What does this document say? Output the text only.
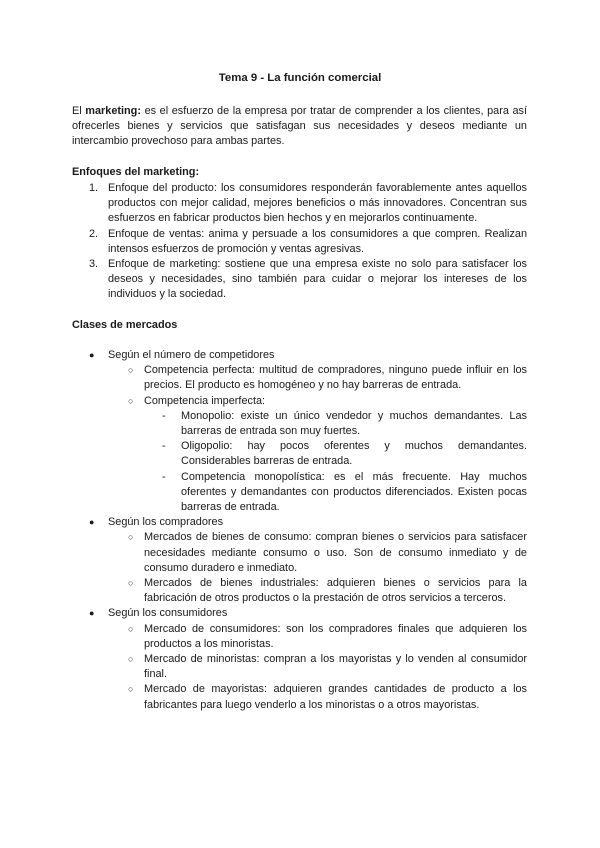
Tema 9 - La función comercial
El marketing: es el esfuerzo de la empresa por tratar de comprender a los clientes, para así ofrecerles bienes y servicios que satisfagan sus necesidades y deseos mediante un intercambio provechoso para ambas partes.
Enfoques del marketing:
1. Enfoque del producto: los consumidores responderán favorablemente antes aquellos productos con mejor calidad, mejores beneficios o más innovadores. Concentran sus esfuerzos en fabricar productos bien hechos y en mejorarlos continuamente.
2. Enfoque de ventas: anima y persuade a los consumidores a que compren. Realizan intensos esfuerzos de promoción y ventas agresivas.
3. Enfoque de marketing: sostiene que una empresa existe no solo para satisfacer los deseos y necesidades, sino también para cuidar o mejorar los intereses de los individuos y la sociedad.
Clases de mercados
● Según el número de competidores
○ Competencia perfecta: multitud de compradores, ninguno puede influir en los precios. El producto es homogéneo y no hay barreras de entrada.
○ Competencia imperfecta:
- Monopolio: existe un único vendedor y muchos demandantes. Las barreras de entrada son muy fuertes.
- Oligopolio: hay pocos oferentes y muchos demandantes. Considerables barreras de entrada.
- Competencia monopolística: es el más frecuente. Hay muchos oferentes y demandantes con productos diferenciados. Existen pocas barreras de entrada.
● Según los compradores
○ Mercados de bienes de consumo: compran bienes o servicios para satisfacer necesidades mediante consumo o uso. Son de consumo inmediato y de consumo duradero e inmediato.
○ Mercados de bienes industriales: adquieren bienes o servicios para la fabricación de otros productos o la prestación de otros servicios a terceros.
● Según los consumidores
○ Mercado de consumidores: son los compradores finales que adquieren los productos a los minoristas.
○ Mercado de minoristas: compran a los mayoristas y lo venden al consumidor final.
○ Mercado de mayoristas: adquieren grandes cantidades de producto a los fabricantes para luego venderlo a los minoristas o a otros mayoristas.
